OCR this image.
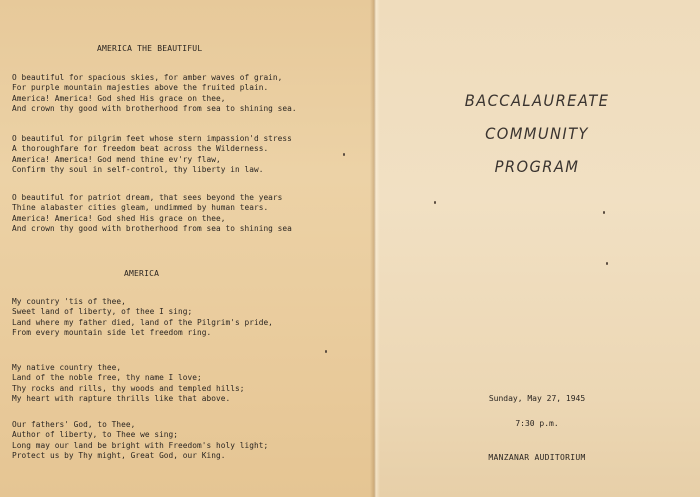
AMERICA THE BEAUTIFUL
O beautiful for spacious skies, for amber waves of grain,
For purple mountain majesties above the fruited plain.
America! America! God shed His grace on thee,
And crown thy good with brotherhood from sea to shining sea.
O beautiful for pilgrim feet whose stern impassion'd stress
A thoroughfare for freedom beat across the Wilderness.
America! America! God mend thine ev'ry flaw,
Confirm thy soul in self-control, thy liberty in law.
O beautiful for patriot dream, that sees beyond the years
Thine alabaster cities gleam, undimmed by human tears.
America! America! God shed His grace on thee,
And crown thy good with brotherhood from sea to shining sea
AMERICA
My country 'tis of thee,
Sweet land of liberty, of thee I sing;
Land where my father died, land of the Pilgrim's pride,
From every mountain side let freedom ring.
My native country thee,
Land of the noble free, thy name I love;
Thy rocks and rills, thy woods and templed hills;
My heart with rapture thrills like that above.
Our fathers' God, to Thee,
Author of liberty, to Thee we sing;
Long may our land be bright with Freedom's holy light;
Protect us by Thy might, Great God, our King.
BACCALAUREATE
COMMUNITY
PROGRAM
Sunday, May 27, 1945
7:30 p.m.
MANZANAR AUDITORIUM
